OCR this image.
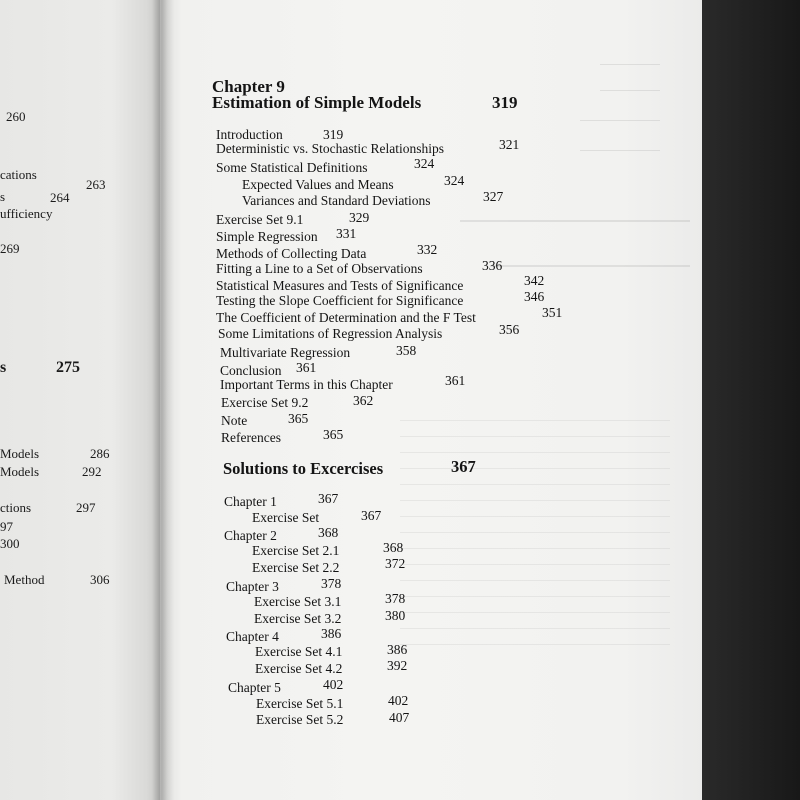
260
cations
263
s	264
ufficiency
269
s	275
Models	286
Models	292
ctions	297
97
300
Method	306
Chapter 9
Estimation of Simple Models	319
Introduction	319
Deterministic vs. Stochastic Relationships	321
Some Statistical Definitions	324
Expected Values and Means	324
Variances and Standard Deviations	327
Exercise Set 9.1	329
Simple Regression 331
Methods of Collecting Data	332
Fitting a Line to a Set of Observations	336
Statistical Measures and Tests of Significance	342
Testing the Slope Coefficient for Significance	346
The Coefficient of Determination and the F Test	351
Some Limitations of Regression Analysis	356
Multivariate Regression	358
Conclusion 361
Important Terms in this Chapter	361
Exercise Set 9.2	362
Note	365
References	365
Solutions to Excercises	367
Chapter 1	367
Exercise Set	367
Chapter 2	368
Exercise Set 2.1	368
Exercise Set 2.2	372
Chapter 3	378
Exercise Set 3.1	378
Exercise Set 3.2	380
Chapter 4	386
Exercise Set 4.1	386
Exercise Set 4.2	392
Chapter 5	402
Exercise Set 5.1	402
Exercise Set 5.2	407
